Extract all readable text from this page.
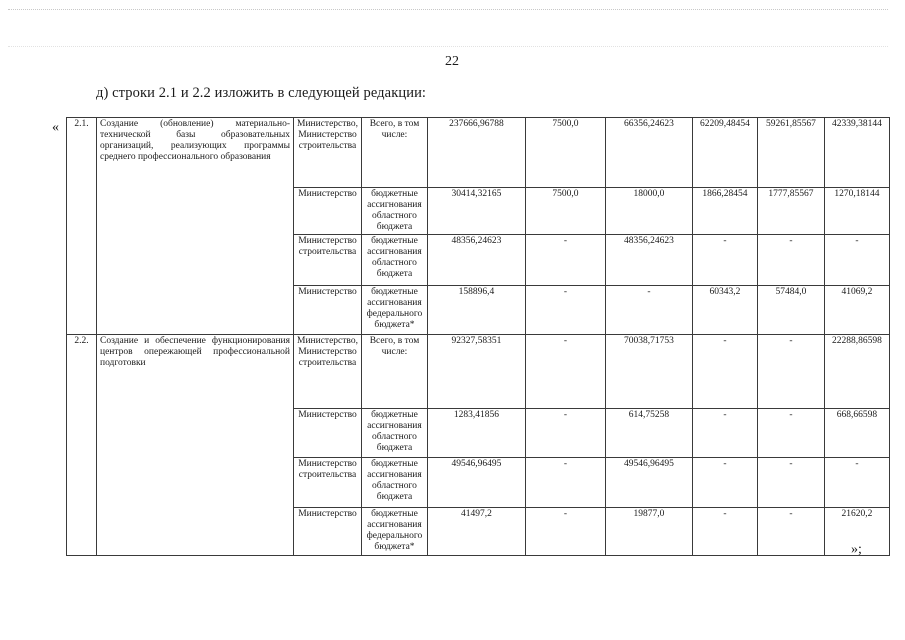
22
д) строки 2.1 и 2.2 изложить в следующей редакции:
« 2.1.	Создание (обновление) материально-технической базы образовательных организаций, реализующих программы среднего профессионального образования	Министерство, Министерство строительства	Всего, в том числе:	237666,96788	7500,0	66356,24623	62209,48454	59261,85567	42339,38144
		Министерство	бюджетные ассигнования областного бюджета	30414,32165	7500,0	18000,0	1866,28454	1777,85567	1270,18144
		Министерство строительства	бюджетные ассигнования областного бюджета	48356,24623	-	48356,24623	-	-	-
		Министерство	бюджетные ассигнования федерального бюджета*	158896,4	-	-	60343,2	57484,0	41069,2
2.2.	Создание и обеспечение функционирования центров опережающей профессиональной подготовки	Министерство, Министерство строительства	Всего, в том числе:	92327,58351	-	70038,71753	-	-	22288,86598
		Министерство	бюджетные ассигнования областного бюджета	1283,41856	-	614,75258	-	-	668,66598
		Министерство строительства	бюджетные ассигнования областного бюджета	49546,96495	-	49546,96495	-	-	-
		Министерство	бюджетные ассигнования федерального бюджета*	41497,2	-	19877,0	-	-	21620,2
»;
